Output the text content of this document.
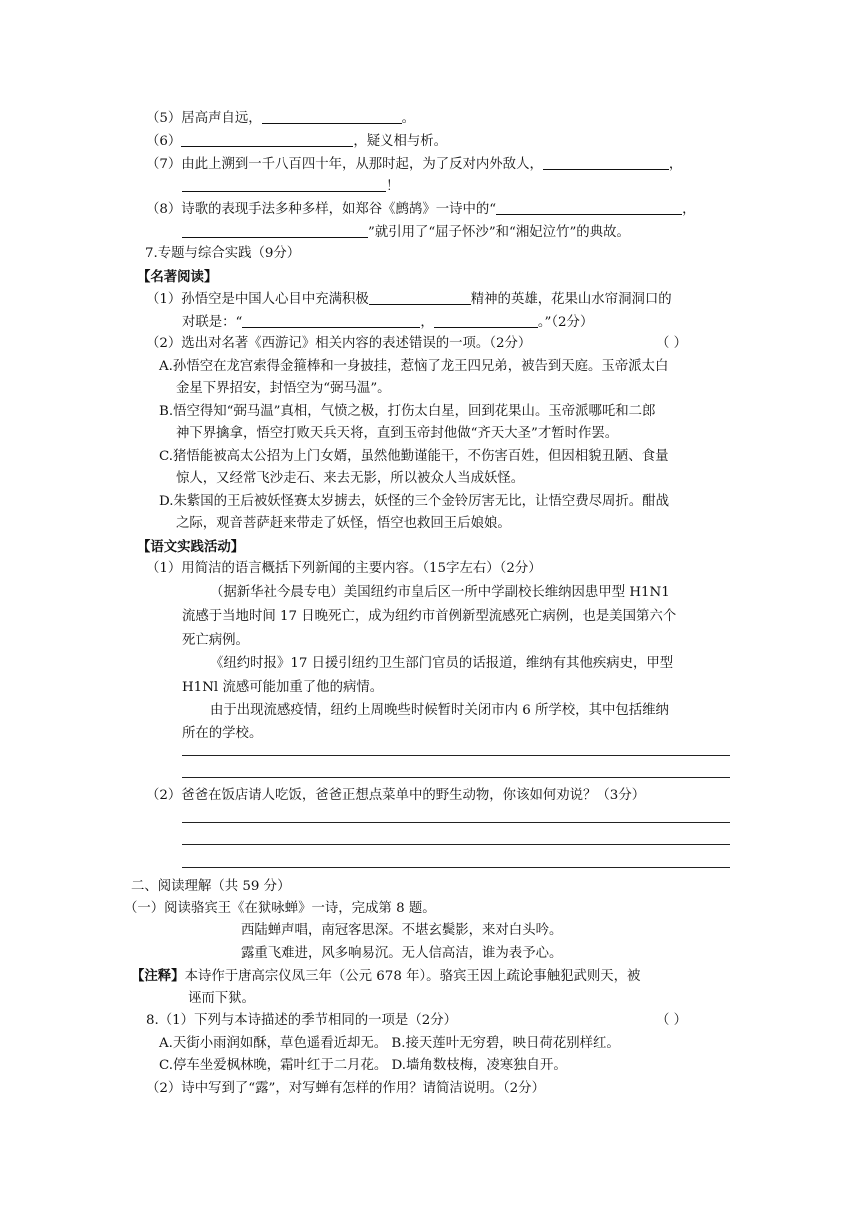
（5）居高声自远，	。
（6）	，疑义相与析。
（7）由此上溯到一千八百四十年，从那时起，为了反对内外敌人，	，
！
（8）诗歌的表现手法多种多样，如郑谷《鹧鸪》一诗中的“	，
”就引用了“屈子怀沙”和“湘妃泣竹”的典故。
7.专题与综合实践（9分）
【名著阅读】
（1）孙悟空是中国人心目中充满积极	精神的英雄，花果山水帘洞洞口的
对联是：“	，	。”（2分）
（2）选出对名著《西游记》相关内容的表述错误的一项。（2分）	（ ）
A.孙悟空在龙宫索得金箍棒和一身披挂，惹恼了龙王四兄弟，被告到天庭。玉帝派太白
金星下界招安，封悟空为“弼马温”。
B.悟空得知“弼马温”真相，气愤之极，打伤太白星，回到花果山。玉帝派哪吒和二郎
神下界擒拿，悟空打败天兵天将，直到玉帝封他做“齐天大圣”才暂时作罢。
C.猪悟能被高太公招为上门女婿，虽然他勤谨能干，不伤害百姓，但因相貌丑陋、食量
惊人，又经常飞沙走石、来去无影，所以被众人当成妖怪。
D.朱紫国的王后被妖怪赛太岁掳去，妖怪的三个金铃厉害无比，让悟空费尽周折。酣战
之际，观音菩萨赶来带走了妖怪，悟空也救回王后娘娘。
【语文实践活动】
（1）用简洁的语言概括下列新闻的主要内容。（15字左右）（2分）
（据新华社今晨专电）美国纽约市皇后区一所中学副校长维纳因患甲型 H1N1
流感于当地时间 17 日晚死亡，成为纽约市首例新型流感死亡病例，也是美国第六个
死亡病例。
《纽约时报》17 日援引纽约卫生部门官员的话报道，维纳有其他疾病史，甲型
H1Nl 流感可能加重了他的病情。
由于出现流感疫情，纽约上周晚些时候暂时关闭市内 6 所学校，其中包括维纳
所在的学校。
（2）爸爸在饭店请人吃饭，爸爸正想点菜单中的野生动物，你该如何劝说？（3分）
二、阅读理解（共 59 分）
（一）阅读骆宾王《在狱咏蝉》一诗，完成第 8 题。
西陆蝉声唱，南冠客思深。不堪玄鬓影，来对白头吟。
露重飞难进，风多响易沉。无人信高洁，谁为表予心。
【注释】本诗作于唐高宗仪凤三年（公元 678 年）。骆宾王因上疏论事触犯武则天，被
诬而下狱。
8.（1）下列与本诗描述的季节相同的一项是（2分）	（ ）
A.天街小雨润如酥，草色遥看近却无。 B.接天莲叶无穷碧，映日荷花别样红。
C.停车坐爱枫林晚，霜叶红于二月花。 D.墙角数枝梅，凌寒独自开。
（2）诗中写到了“露”，对写蝉有怎样的作用？请简洁说明。（2分）
